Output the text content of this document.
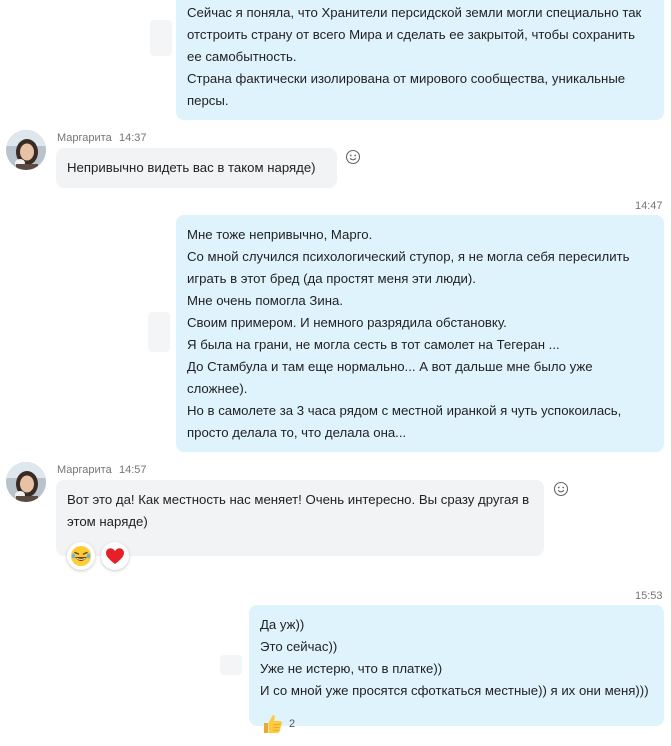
Сейчас я поняла, что Хранители персидской земли могли специально так
отстроить страну от всего Мира и сделать ее закрытой, чтобы сохранить
ее самобытность.
Страна фактически изолирована от мирового сообщества, уникальные
персы.
Маргарита 14:37
Непривычно видеть вас в таком наряде)
14:47
Мне тоже непривычно, Марго.
Со мной случился психологический ступор, я не могла себя пересилить
играть в этот бред (да простят меня эти люди).
Мне очень помогла Зина.
Своим примером. И немного разрядила обстановку.
Я была на грани, не могла сесть в тот самолет на Тегеран ...
До Стамбула и там еще нормально... А вот дальше мне было уже
сложнее).
Но в самолете за 3 часа рядом с местной иранкой я чуть успокоилась,
просто делала то, что делала она...
Маргарита 14:57
Вот это да! Как местность нас меняет! Очень интересно. Вы сразу другая в
этом наряде)
15:53
Да уж))
Это сейчас))
Уже не истерю, что в платке))
И со мной уже просятся сфоткаться местные)) я их они меня)))
2
